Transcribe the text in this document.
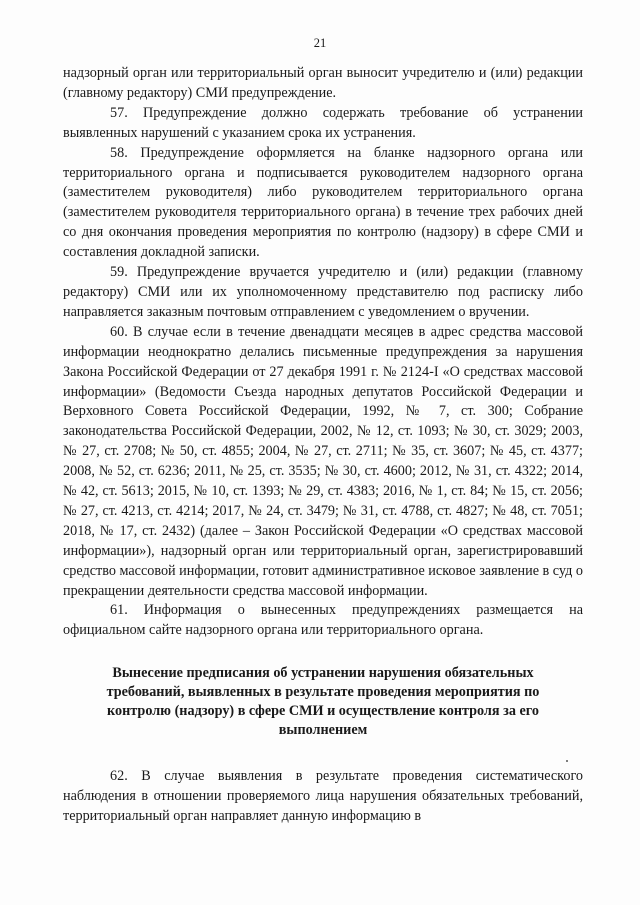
21

надзорный орган или территориальный орган выносит учредителю и (или) редакции (главному редактору) СМИ предупреждение.

57. Предупреждение должно содержать требование об устранении выявленных нарушений с указанием срока их устранения.

58. Предупреждение оформляется на бланке надзорного органа или территориального органа и подписывается руководителем надзорного органа (заместителем руководителя) либо руководителем территориального органа (заместителем руководителя территориального органа) в течение трех рабочих дней со дня окончания проведения мероприятия по контролю (надзору) в сфере СМИ и составления докладной записки.

59. Предупреждение вручается учредителю и (или) редакции (главному редактору) СМИ или их уполномоченному представителю под расписку либо направляется заказным почтовым отправлением с уведомлением о вручении.

60. В случае если в течение двенадцати месяцев в адрес средства массовой информации неоднократно делались письменные предупреждения за нарушения Закона Российской Федерации от 27 декабря 1991 г. № 2124-I «О средствах массовой информации» (Ведомости Съезда народных депутатов Российской Федерации и Верховного Совета Российской Федерации, 1992, № 7, ст. 300; Собрание законодательства Российской Федерации, 2002, № 12, ст. 1093; № 30, ст. 3029; 2003, № 27, ст. 2708; № 50, ст. 4855; 2004, № 27, ст. 2711; № 35, ст. 3607; № 45, ст. 4377; 2008, № 52, ст. 6236; 2011, № 25, ст. 3535; № 30, ст. 4600; 2012, № 31, ст. 4322; 2014, № 42, ст. 5613; 2015, № 10, ст. 1393; № 29, ст. 4383; 2016, № 1, ст. 84; № 15, ст. 2056; № 27, ст. 4213, ст. 4214; 2017, № 24, ст. 3479; № 31, ст. 4788, ст. 4827; № 48, ст. 7051; 2018, № 17, ст. 2432) (далее – Закон Российской Федерации «О средствах массовой информации»), надзорный орган или территориальный орган, зарегистрировавший средство массовой информации, готовит административное исковое заявление в суд о прекращении деятельности средства массовой информации.

61. Информация о вынесенных предупреждениях размещается на официальном сайте надзорного органа или территориального органа.

Вынесение предписания об устранении нарушения обязательных требований, выявленных в результате проведения мероприятия по контролю (надзору) в сфере СМИ и осуществление контроля за его выполнением

62. В случае выявления в результате проведения систематического наблюдения в отношении проверяемого лица нарушения обязательных требований, территориальный орган направляет данную информацию в
